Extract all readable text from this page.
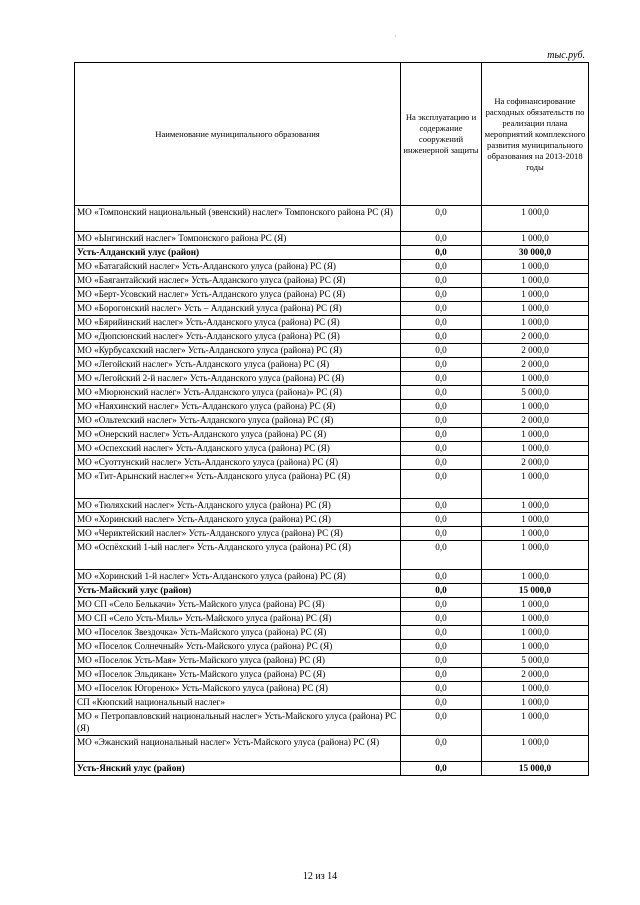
·
тыс.руб.
Наименование муниципального образования	На эксплуатацию и содержание сооружений инженерной защиты	На софинансирование расходных обязательств по реализации плана мероприятий комплексного развития муниципального образования на 2013-2018 годы
МО «Томпонский национальный (эвенский) наслег» Томпонского района РС (Я)	0,0	1 000,0
МО «Ынгинский наслег» Томпонского района РС (Я)	0,0	1 000,0
Усть-Алданский улус (район)	0,0	30 000,0
МО «Батагайский наслег» Усть-Алданского улуса (района) РС (Я)	0,0	1 000,0
МО «Баягантайский наслег» Усть-Алданского улуса (района) РС (Я)	0,0	1 000,0
МО «Берт-Усовский наслег» Усть-Алданского улуса (района) РС (Я)	0,0	1 000,0
МО «Борогонский наслег» Усть – Алданский улуса (района) РС (Я)	0,0	1 000,0
МО «Бярийинский наслег» Усть-Алданского улуса (района) РС (Я)	0,0	1 000,0
МО «Дюпсюнский наслег» Усть-Алданского улуса (района) РС (Я)	0,0	2 000,0
МО «Курбусахский наслег» Усть-Алданского улуса (района) РС (Я)	0,0	2 000,0
МО «Легойский наслег» Усть-Алданского улуса (района) РС (Я)	0,0	2 000,0
МО «Легойский 2-й наслег» Усть-Алданского улуса (района) РС (Я)	0,0	1 000,0
МО «Мюрюнский наслег» Усть-Алданского улуса (района)» РС (Я)	0,0	5 000,0
МО «Наяхинский наслег» Усть-Алданского улуса (района) РС (Я)	0,0	1 000,0
МО «Ольтехский наслег» Усть-Алданского улуса (района) РС (Я)	0,0	2 000,0
МО «Онерский наслег» Усть-Алданского улуса (района) РС (Я)	0,0	1 000,0
МО «Оспехский наслег» Усть-Алданского улуса (района) РС (Я)	0,0	1 000,0
МО «Суоттунский наслег» Усть-Алданского улуса (района) РС (Я)	0,0	2 000,0
МО «Тит-Арынский наслег»« Усть-Алданского улуса (района) РС (Я)	0,0	1 000,0
МО «Тюляхский наслег» Усть-Алданского улуса (района) РС (Я)	0,0	1 000,0
МО «Хоринский наслег» Усть-Алданского улуса (района) РС (Я)	0,0	1 000,0
МО «Чериктейский наслег» Усть-Алданского улуса (района) РС (Я)	0,0	1 000,0
МО «Оспёхский 1-ый наслег» Усть-Алданского улуса (района) РС (Я)	0,0	1 000,0
МО «Хоринский 1-й наслег» Усть-Алданского улуса (района) РС (Я)	0,0	1 000,0
Усть-Майский улус (район)	0,0	15 000,0
МО СП «Село Белькачи» Усть-Майского улуса (района) РС (Я)	0,0	1 000,0
МО СП «Село Усть-Миль» Усть-Майского улуса (района) РС (Я)	0,0	1 000,0
МО «Поселок Звездочка» Усть-Майского улуса (района) РС (Я)	0,0	1 000,0
МО «Поселок Солнечный» Усть-Майского улуса (района) РС (Я)	0,0	1 000,0
МО «Поселок Усть-Мая» Усть-Майского улуса (района) РС (Я)	0,0	5 000,0
МО «Поселок Эльдикан» Усть-Майского улуса (района) РС (Я)	0,0	2 000,0
МО «Поселок Югоренок» Усть-Майского улуса (района) РС (Я)	0,0	1 000,0
СП «Кюпский национальный наслег»	0,0	1 000,0
МО « Петропавловский национальный наслег» Усть-Майского улуса (района) РС (Я)	0,0	1 000,0
МО «Эжанский национальный наслег» Усть-Майского улуса (района) РС (Я)	0,0	1 000,0
Усть-Янский улус (район)	0,0	15 000,0
12 из 14
